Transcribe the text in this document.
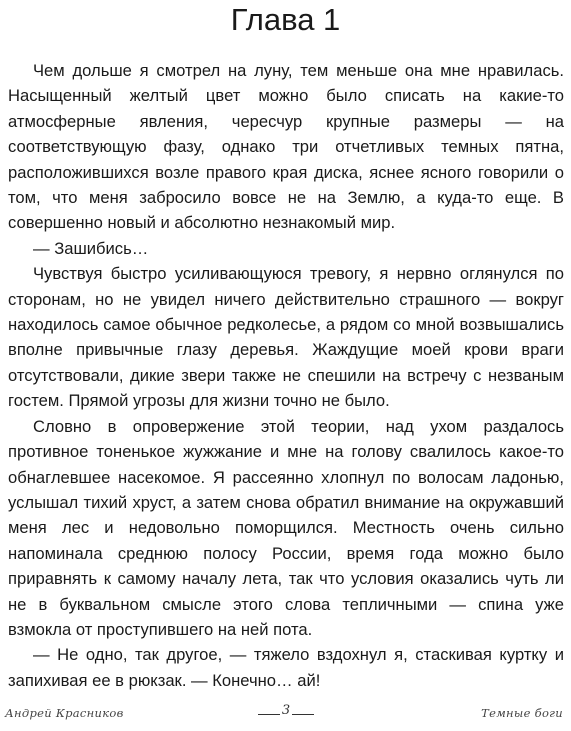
Глава 1

Чем дольше я смотрел на луну, тем меньше она мне нравилась. Насыщенный желтый цвет можно было списать на какие-то атмосферные явления, чересчур крупные размеры — на соответствующую фазу, однако три отчетливых темных пятна, расположившихся возле правого края диска, яснее ясного говорили о том, что меня забросило вовсе не на Землю, а куда-то еще. В совершенно новый и абсолютно незнакомый мир.

— Зашибись…

Чувствуя быстро усиливающуюся тревогу, я нервно оглянулся по сторонам, но не увидел ничего действительно страшного — вокруг находилось самое обычное редколесье, а рядом со мной возвышались вполне привычные глазу деревья. Жаждущие моей крови враги отсутствовали, дикие звери также не спешили на встречу с незваным гостем. Прямой угрозы для жизни точно не было.

Словно в опровержение этой теории, над ухом раздалось противное тоненькое жужжание и мне на голову свалилось какое-то обнаглевшее насекомое. Я рассеянно хлопнул по волосам ладонью, услышал тихий хруст, а затем снова обратил внимание на окружавший меня лес и недовольно поморщился. Местность очень сильно напоминала среднюю полосу России, время года можно было приравнять к самому началу лета, так что условия оказались чуть ли не в буквальном смысле этого слова тепличными — спина уже взмокла от проступившего на ней пота.

— Не одно, так другое, — тяжело вздохнул я, стаскивая куртку и запихивая ее в рюкзак. — Конечно… ай!

Андрей Красников	3	Темные боги
